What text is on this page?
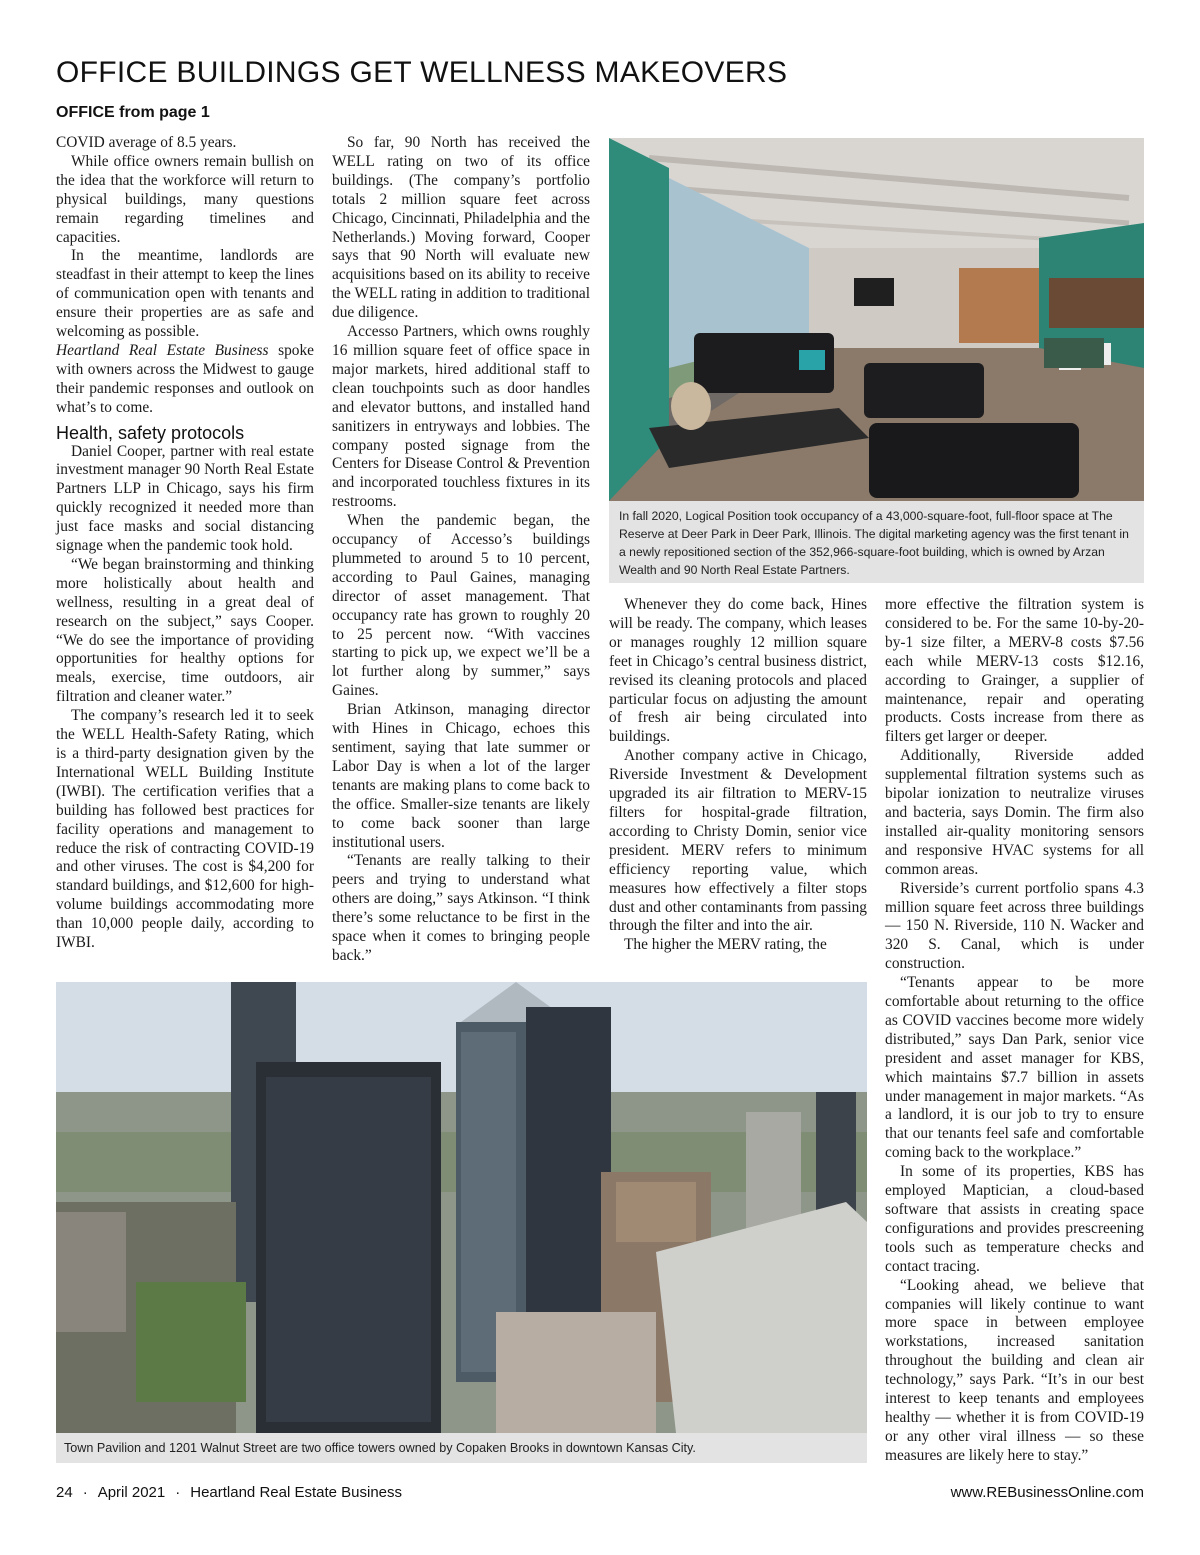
OFFICE BUILDINGS GET WELLNESS MAKEOVERS
OFFICE from page 1

COVID average of 8.5 years.

While office owners remain bullish on the idea that the workforce will return to physical buildings, many questions remain regarding timelines and capacities.

In the meantime, landlords are steadfast in their attempt to keep the lines of communication open with tenants and ensure their properties are as safe and welcoming as possible.

Heartland Real Estate Business spoke with owners across the Midwest to gauge their pandemic responses and outlook on what’s to come.

Health, safety protocols

Daniel Cooper, partner with real estate investment manager 90 North Real Estate Partners LLP in Chicago, says his firm quickly recognized it needed more than just face masks and social distancing signage when the pandemic took hold.

“We began brainstorming and thinking more holistically about health and wellness, resulting in a great deal of research on the subject,” says Cooper. “We do see the importance of providing opportunities for healthy options for meals, exercise, time outdoors, air filtration and cleaner water.”

The company’s research led it to seek the WELL Health-Safety Rating, which is a third-party designation given by the International WELL Building Institute (IWBI). The certification verifies that a building has followed best practices for facility operations and management to reduce the risk of contracting COVID-19 and other viruses. The cost is $4,200 for standard buildings, and $12,600 for high-volume buildings accommodating more than 10,000 people daily, according to IWBI.

So far, 90 North has received the WELL rating on two of its office buildings. (The company’s portfolio totals 2 million square feet across Chicago, Cincinnati, Philadelphia and the Netherlands.) Moving forward, Cooper says that 90 North will evaluate new acquisitions based on its ability to receive the WELL rating in addition to traditional due diligence.

Accesso Partners, which owns roughly 16 million square feet of office space in major markets, hired additional staff to clean touchpoints such as door handles and elevator buttons, and installed hand sanitizers in entryways and lobbies. The company posted signage from the Centers for Disease Control & Prevention and incorporated touchless fixtures in its restrooms.

When the pandemic began, the occupancy of Accesso’s buildings plummeted to around 5 to 10 percent, according to Paul Gaines, managing director of asset management. That occupancy rate has grown to roughly 20 to 25 percent now. “With vaccines starting to pick up, we expect we’ll be a lot further along by summer,” says Gaines.

Brian Atkinson, managing director with Hines in Chicago, echoes this sentiment, saying that late summer or Labor Day is when a lot of the larger tenants are making plans to come back to the office. Smaller-size tenants are likely to come back sooner than large institutional users.

“Tenants are really talking to their peers and trying to understand what others are doing,” says Atkinson. “I think there’s some reluctance to be first in the space when it comes to bringing people back.”

In fall 2020, Logical Position took occupancy of a 43,000-square-foot, full-floor space at The Reserve at Deer Park in Deer Park, Illinois. The digital marketing agency was the first tenant in a newly repositioned section of the 352,966-square-foot building, which is owned by Arzan Wealth and 90 North Real Estate Partners.

Whenever they do come back, Hines will be ready. The company, which leases or manages roughly 12 million square feet in Chicago’s central business district, revised its cleaning protocols and placed particular focus on adjusting the amount of fresh air being circulated into buildings.

Another company active in Chicago, Riverside Investment & Development upgraded its air filtration to MERV-15 filters for hospital-grade filtration, according to Christy Domin, senior vice president. MERV refers to minimum efficiency reporting value, which measures how effectively a filter stops dust and other contaminants from passing through the filter and into the air.

The higher the MERV rating, the

more effective the filtration system is considered to be. For the same 10-by-20-by-1 size filter, a MERV-8 costs $7.56 each while MERV-13 costs $12.16, according to Grainger, a supplier of maintenance, repair and operating products. Costs increase from there as filters get larger or deeper.

Additionally, Riverside added supplemental filtration systems such as bipolar ionization to neutralize viruses and bacteria, says Domin. The firm also installed air-quality monitoring sensors and responsive HVAC systems for all common areas.

Riverside’s current portfolio spans 4.3 million square feet across three buildings — 150 N. Riverside, 110 N. Wacker and 320 S. Canal, which is under construction.

“Tenants appear to be more comfortable about returning to the office as COVID vaccines become more widely distributed,” says Dan Park, senior vice president and asset manager for KBS, which maintains $7.7 billion in assets under management in major markets. “As a landlord, it is our job to try to ensure that our tenants feel safe and comfortable coming back to the workplace.”

In some of its properties, KBS has employed Maptician, a cloud-based software that assists in creating space configurations and provides prescreening tools such as temperature checks and contact tracing.

“Looking ahead, we believe that companies will likely continue to want more space in between employee workstations, increased sanitation throughout the building and clean air technology,” says Park. “It’s in our best interest to keep tenants and employees healthy — whether it is from COVID-19 or any other viral illness — so these measures are likely here to stay.”

Town Pavilion and 1201 Walnut Street are two office towers owned by Copaken Brooks in downtown Kansas City.
24 · April 2021 · Heartland Real Estate Business	www.REBusinessOnline.com
